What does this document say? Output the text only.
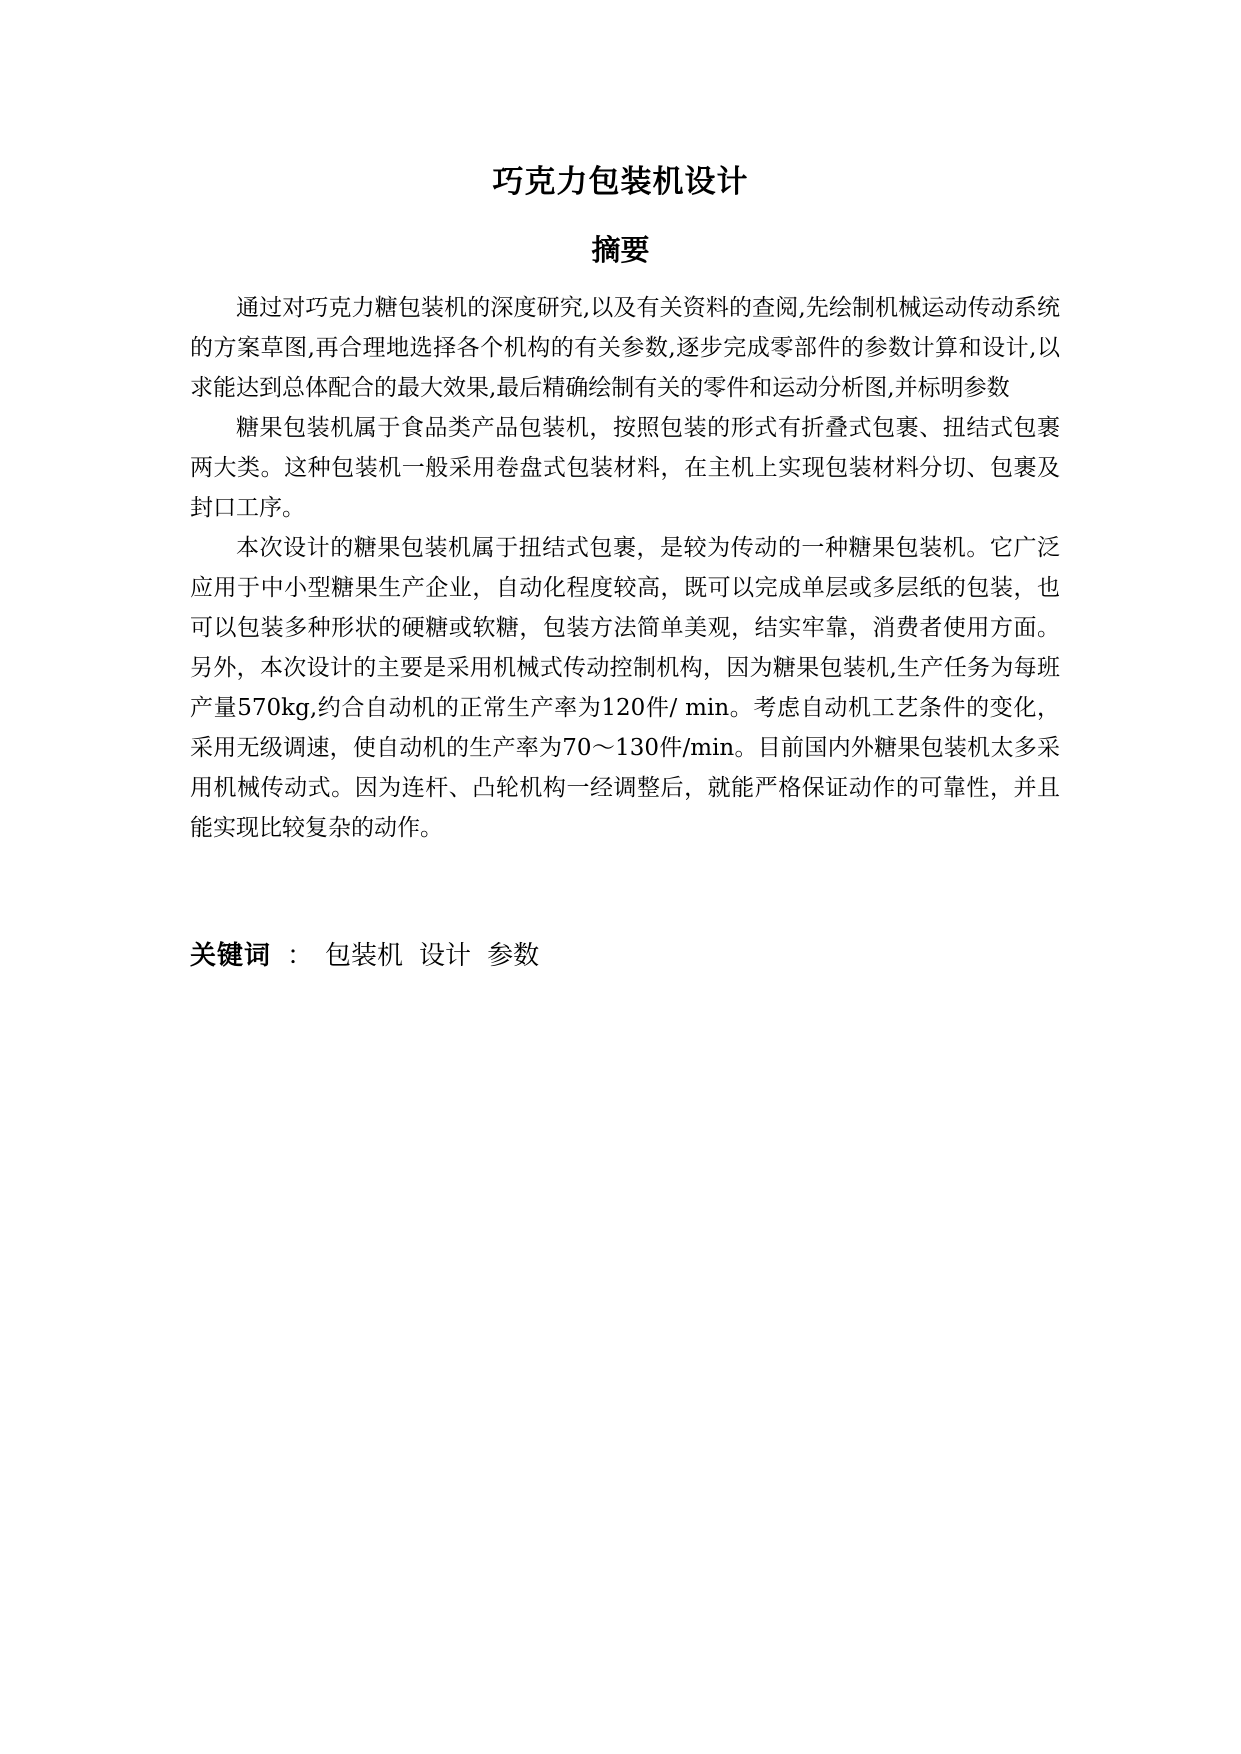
巧克力包装机设计
摘要

通过对巧克力糖包装机的深度研究,以及有关资料的查阅,先绘制机械运动传动系统的方案草图,再合理地选择各个机构的有关参数,逐步完成零部件的参数计算和设计,以求能达到总体配合的最大效果,最后精确绘制有关的零件和运动分析图,并标明参数

糖果包装机属于食品类产品包装机，按照包装的形式有折叠式包裹、扭结式包裹两大类。这种包装机一般采用卷盘式包装材料，在主机上实现包装材料分切、包裹及封口工序。

本次设计的糖果包装机属于扭结式包裹，是较为传动的一种糖果包装机。它广泛应用于中小型糖果生产企业，自动化程度较高，既可以完成单层或多层纸的包装，也可以包装多种形状的硬糖或软糖，包装方法简单美观，结实牢靠，消费者使用方面。另外，本次设计的主要是采用机械式传动控制机构，因为糖果包装机,生产任务为每班产量570kg,约合自动机的正常生产率为120件/ min。考虑自动机工艺条件的变化，采用无级调速，使自动机的生产率为70～130件/min。目前国内外糖果包装机太多采用机械传动式。因为连杆、凸轮机构一经调整后，就能严格保证动作的可靠性，并且能实现比较复杂的动作。

关键词 ： 包装机 设计 参数
